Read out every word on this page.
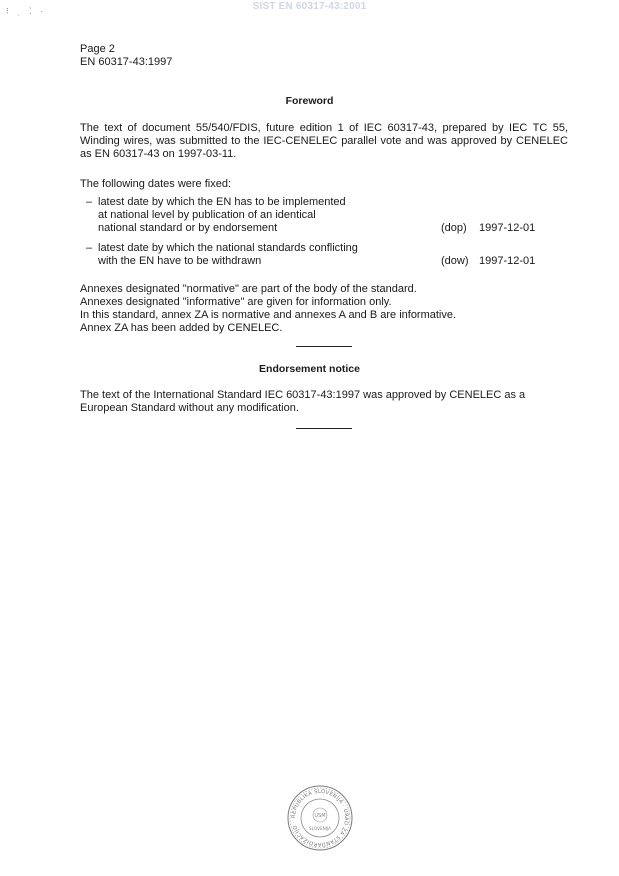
SIST EN 60317-43:2001
⁝ ˌ ⁚ ·
Page 2
EN 60317-43:1997
Foreword
The text of document 55/540/FDIS, future edition 1 of IEC 60317-43, prepared by IEC TC 55, Winding wires, was submitted to the IEC-CENELEC parallel vote and was approved by CENELEC as EN 60317-43 on 1997-03-11.
The following dates were fixed:
– latest date by which the EN has to be implemented
at national level by publication of an identical
national standard or by endorsement	(dop) 1997-12-01
– latest date by which the national standards conflicting
with the EN have to be withdrawn	(dow) 1997-12-01
Annexes designated "normative" are part of the body of the standard.
Annexes designated "informative" are given for information only.
In this standard, annex ZA is normative and annexes A and B are informative.
Annex ZA has been added by CENELEC.
Endorsement notice
The text of the International Standard IEC 60317-43:1997 was approved by CENELEC as a European Standard without any modification.
REPUBLIKA SLOVENIJA · URAD ZA STANDARDIZACIJO ·
USM
SLOVENIJA
